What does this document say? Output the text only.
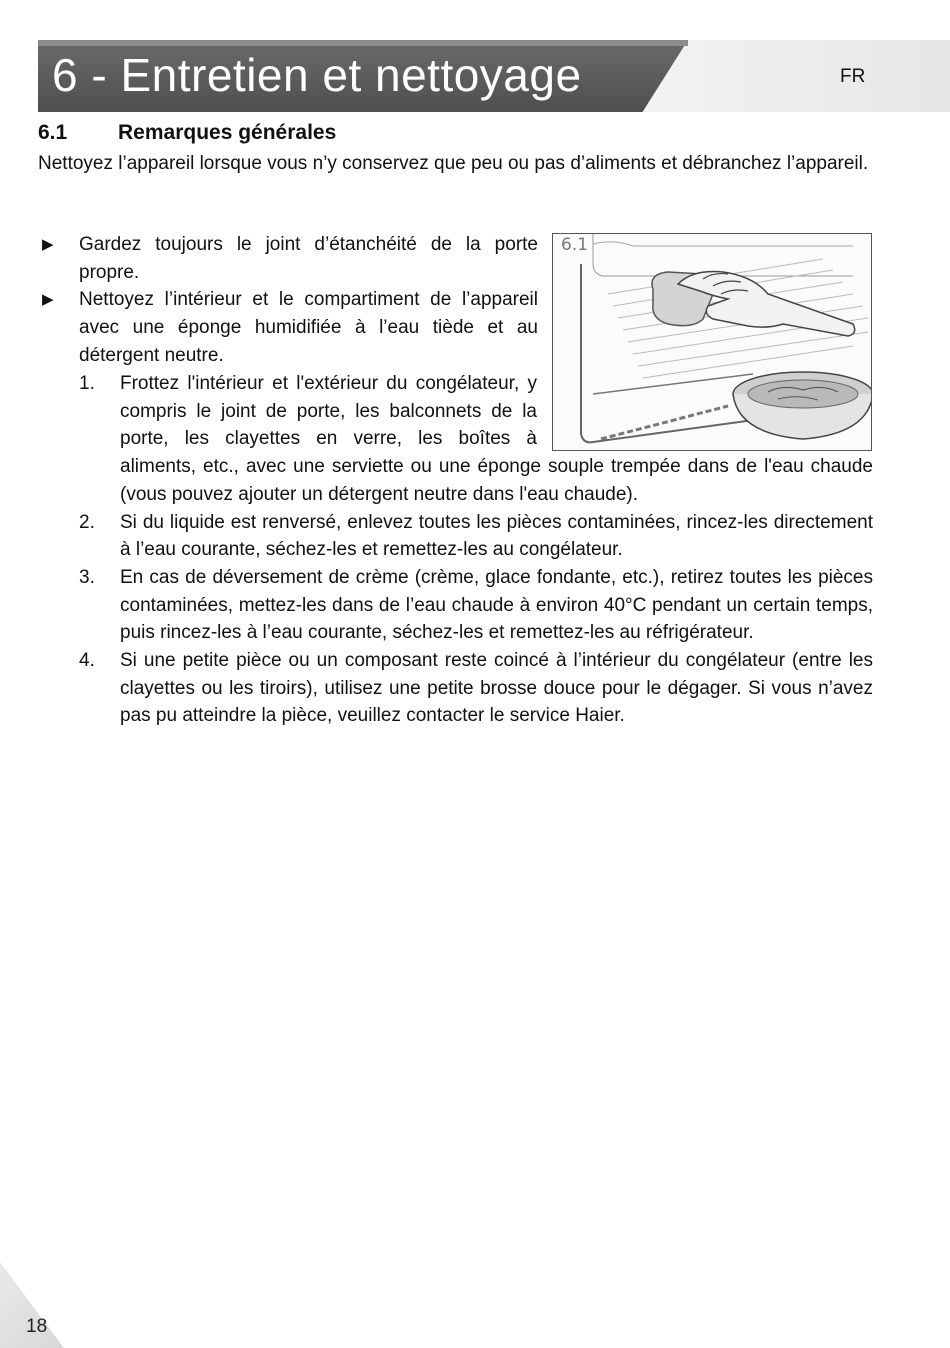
6 - Entretien et nettoyage	FR
6.1 Remarques générales

Nettoyez l’appareil lorsque vous n’y conservez que peu ou pas d’aliments et débranchez l’appareil.

▶ Gardez toujours le joint d’étanchéité de la porte propre.
▶ Nettoyez l’intérieur et le compartiment de l’appareil avec une éponge humidifiée à l’eau tiède et au détergent neutre.
1. Frottez l'intérieur et l'extérieur du congélateur, y compris le joint de porte, les balconnets de la porte, les clayettes en verre, les boîtes à aliments, etc., avec une serviette ou une éponge souple trempée dans de l'eau chaude (vous pouvez ajouter un détergent neutre dans l'eau chaude).
2. Si du liquide est renversé, enlevez toutes les pièces contaminées, rincez-les directement à l’eau courante, séchez-les et remettez-les au congélateur.
3. En cas de déversement de crème (crème, glace fondante, etc.), retirez toutes les pièces contaminées, mettez-les dans de l’eau chaude à environ 40°C pendant un certain temps, puis rincez-les à l’eau courante, séchez-les et remettez-les au réfrigérateur.
4. Si une petite pièce ou un composant reste coincé à l’intérieur du congélateur (entre les clayettes ou les tiroirs), utilisez une petite brosse douce pour le dégager. Si vous n’avez pas pu atteindre la pièce, veuillez contacter le service Haier.
6.1
18
